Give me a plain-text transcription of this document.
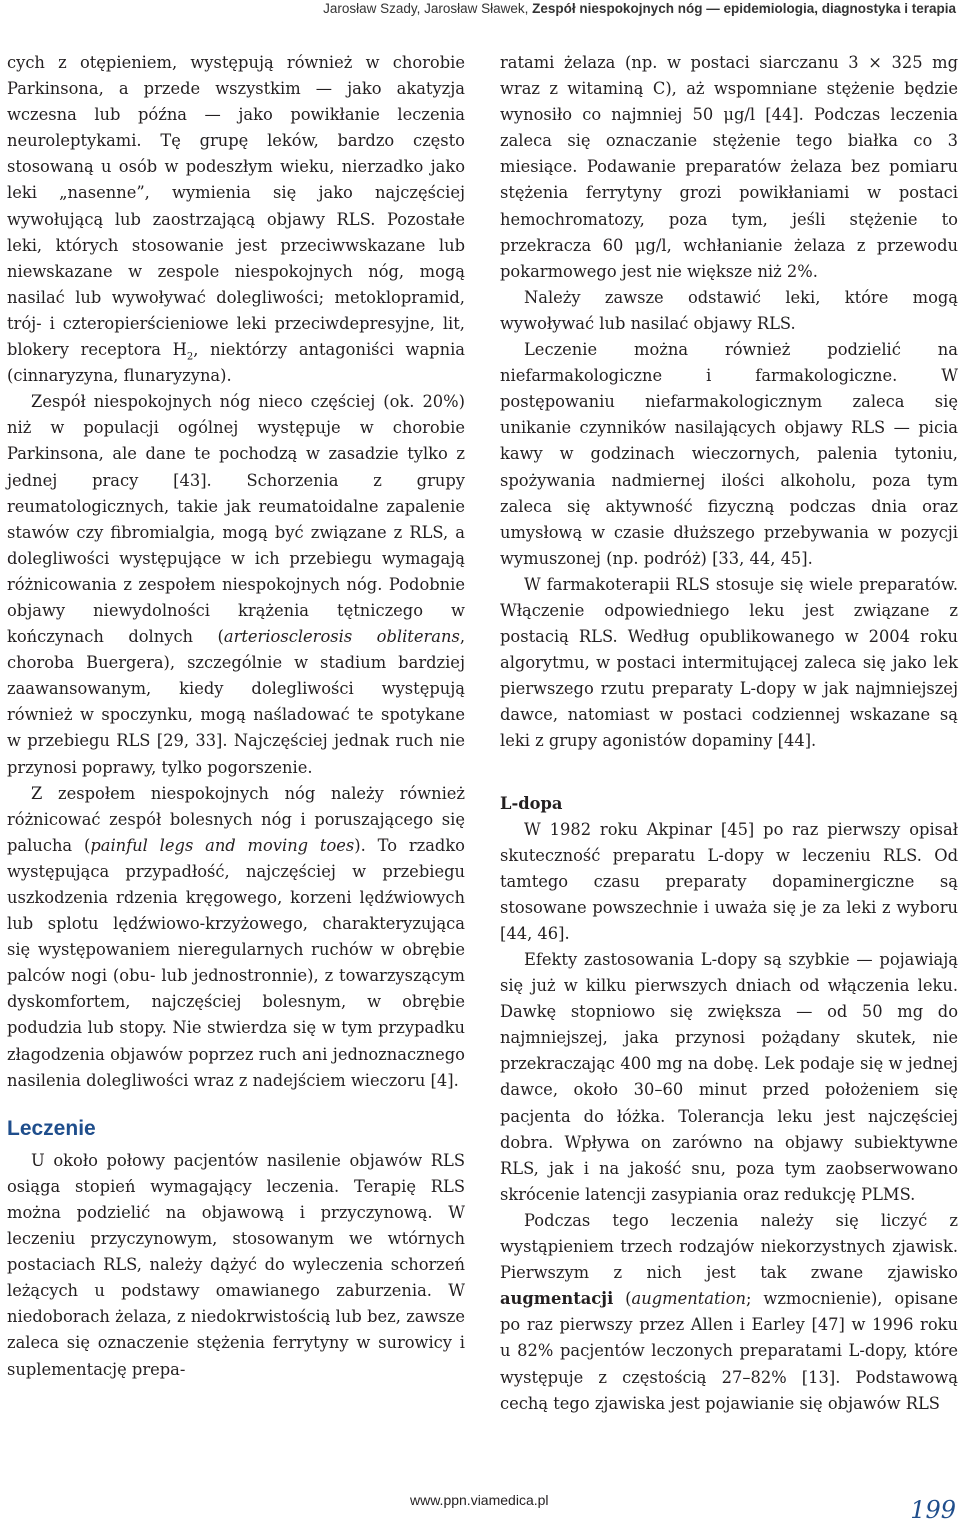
Jarosław Szady, Jarosław Sławek, Zespół niespokojnych nóg — epidemiologia, diagnostyka i terapia

cych z otępieniem, występują również w chorobie Parkinsona, a przede wszystkim — jako akatyzja wczesna lub późna — jako powikłanie leczenia neuroleptykami. Tę grupę leków, bardzo często stosowaną u osób w podeszłym wieku, nierzadko jako leki „nasenne”, wymienia się jako najczęściej wywołującą lub zaostrzającą objawy RLS. Pozostałe leki, których stosowanie jest przeciwwskazane lub niewskazane w zespole niespokojnych nóg, mogą nasilać lub wywoływać dolegliwości; metoklopramid, trój- i czteropierścieniowe leki przeciwdepresyjne, lit, blokery receptora $H_2$, niektórzy antagoniści wapnia (cinnaryzyna, flunaryzyna).

Zespół niespokojnych nóg nieco częściej (ok. 20%) niż w populacji ogólnej występuje w chorobie Parkinsona, ale dane te pochodzą w zasadzie tylko z jednej pracy [43]. Schorzenia z grupy reumatologicznych, takie jak reumatoidalne zapalenie stawów czy fibromialgia, mogą być związane z RLS, a dolegliwości występujące w ich przebiegu wymagają różnicowania z zespołem niespokojnych nóg. Podobnie objawy niewydolności krążenia tętniczego w kończynach dolnych (arteriosclerosis obliterans, choroba Buergera), szczególnie w stadium bardziej zaawansowanym, kiedy dolegliwości występują również w spoczynku, mogą naśladować te spotykane w przebiegu RLS [29, 33]. Najczęściej jednak ruch nie przynosi poprawy, tylko pogorszenie.

Z zespołem niespokojnych nóg należy również różnicować zespół bolesnych nóg i poruszającego się palucha (painful legs and moving toes). To rzadko występująca przypadłość, najczęściej w przebiegu uszkodzenia rdzenia kręgowego, korzeni lędźwiowych lub splotu lędźwiowo-krzyżowego, charakteryzująca się występowaniem nieregularnych ruchów w obrębie palców nogi (obu- lub jednostronnie), z towarzyszącym dyskomfortem, najczęściej bolesnym, w obrębie podudzia lub stopy. Nie stwierdza się w tym przypadku złagodzenia objawów poprzez ruch ani jednoznacznego nasilenia dolegliwości wraz z nadejściem wieczoru [4].

Leczenie

U około połowy pacjentów nasilenie objawów RLS osiąga stopień wymagający leczenia. Terapię RLS można podzielić na objawową i przyczynową. W leczeniu przyczynowym, stosowanym we wtórnych postaciach RLS, należy dążyć do wyleczenia schorzeń leżących u podstawy omawianego zaburzenia. W niedoborach żelaza, z niedokrwistością lub bez, zawsze zaleca się oznaczenie stężenia ferrytyny w surowicy i suplementację prepa-

ratami żelaza (np. w postaci siarczanu 3 × 325 mg wraz z witaminą C), aż wspomniane stężenie będzie wynosiło co najmniej 50 μg/l [44]. Podczas leczenia zaleca się oznaczanie stężenie tego białka co 3 miesiące. Podawanie preparatów żelaza bez pomiaru stężenia ferrytyny grozi powikłaniami w postaci hemochromatozy, poza tym, jeśli stężenie to przekracza 60 μg/l, wchłanianie żelaza z przewodu pokarmowego jest nie większe niż 2%.

Należy zawsze odstawić leki, które mogą wywoływać lub nasilać objawy RLS.

Leczenie można również podzielić na niefarmakologiczne i farmakologiczne. W postępowaniu niefarmakologicznym zaleca się unikanie czynników nasilających objawy RLS — picia kawy w godzinach wieczornych, palenia tytoniu, spożywania nadmiernej ilości alkoholu, poza tym zaleca się aktywność fizyczną podczas dnia oraz umysłową w czasie dłuższego przebywania w pozycji wymuszonej (np. podróż) [33, 44, 45].

W farmakoterapii RLS stosuje się wiele preparatów. Włączenie odpowiedniego leku jest związane z postacią RLS. Według opublikowanego w 2004 roku algorytmu, w postaci intermitującej zaleca się jako lek pierwszego rzutu preparaty L-dopy w jak najmniejszej dawce, natomiast w postaci codziennej wskazane są leki z grupy agonistów dopaminy [44].

L-dopa

W 1982 roku Akpinar [45] po raz pierwszy opisał skuteczność preparatu L-dopy w leczeniu RLS. Od tamtego czasu preparaty dopaminergiczne są stosowane powszechnie i uważa się je za leki z wyboru [44, 46].

Efekty zastosowania L-dopy są szybkie — pojawiają się już w kilku pierwszych dniach od włączenia leku. Dawkę stopniowo się zwiększa — od 50 mg do najmniejszej, jaka przynosi pożądany skutek, nie przekraczając 400 mg na dobę. Lek podaje się w jednej dawce, około 30–60 minut przed położeniem się pacjenta do łóżka. Tolerancja leku jest najczęściej dobra. Wpływa on zarówno na objawy subiektywne RLS, jak i na jakość snu, poza tym zaobserwowano skrócenie latencji zasypiania oraz redukcję PLMS.

Podczas tego leczenia należy się liczyć z wystąpieniem trzech rodzajów niekorzystnych zjawisk. Pierwszym z nich jest tak zwane zjawisko augmentacji (augmentation; wzmocnienie), opisane po raz pierwszy przez Allen i Earley [47] w 1996 roku u 82% pacjentów leczonych preparatami L-dopy, które występuje z częstością 27–82% [13]. Podstawową cechą tego zjawiska jest pojawianie się objawów RLS

www.ppn.viamedica.pl	199
